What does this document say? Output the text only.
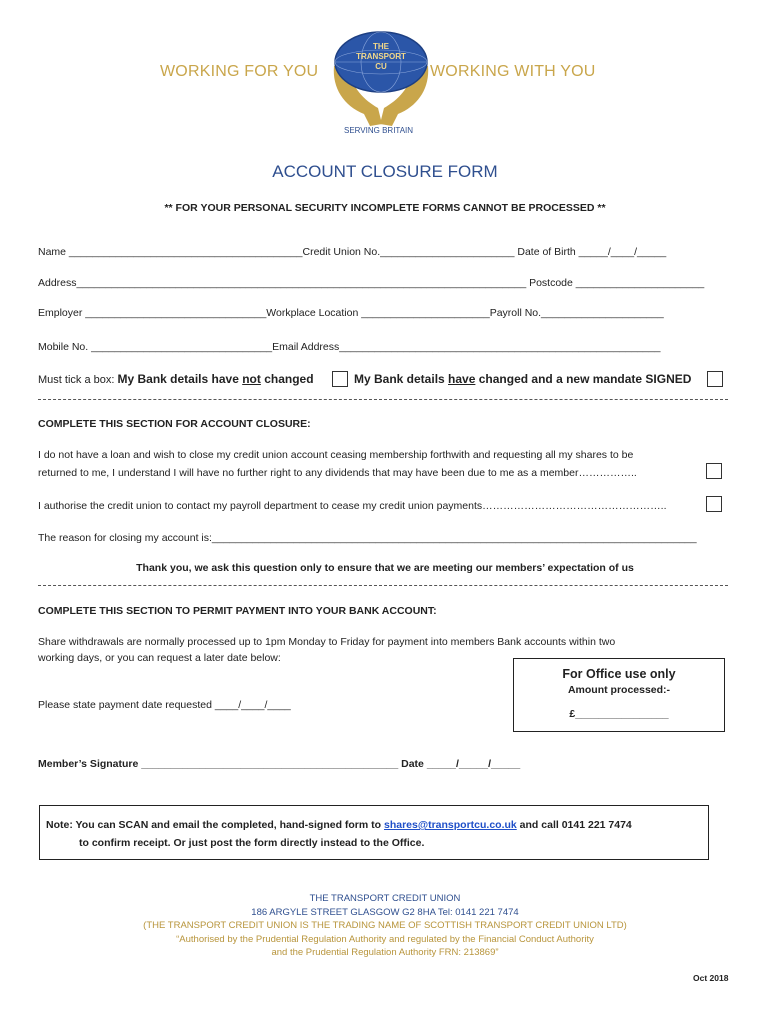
WORKING FOR YOU	WORKING WITH YOU
THE
TRANSPORT
CU
SERVING BRITAIN
ACCOUNT CLOSURE FORM
** FOR YOUR PERSONAL SECURITY INCOMPLETE FORMS CANNOT BE PROCESSED **
Name ________________________________________Credit Union No._______________________ Date of Birth _____/____/_____
Address_____________________________________________________________________________ Postcode ______________________
Employer _______________________________Workplace Location ______________________Payroll No._____________________
Mobile No. _______________________________Email Address_______________________________________________________
Must tick a box: My Bank details have not changed	My Bank details have changed and a new mandate SIGNED
COMPLETE THIS SECTION FOR ACCOUNT CLOSURE:
I do not have a loan and wish to close my credit union account ceasing membership forthwith and requesting all my shares to be
returned to me, I understand I will have no further right to any dividends that may have been due to me as a member……………..
I authorise the credit union to contact my payroll department to cease my credit union payments……………………………………………..
The reason for closing my account is:___________________________________________________________________________________
Thank you, we ask this question only to ensure that we are meeting our members’ expectation of us
COMPLETE THIS SECTION TO PERMIT PAYMENT INTO YOUR BANK ACCOUNT:
Share withdrawals are normally processed up to 1pm Monday to Friday for payment into members Bank accounts within two
working days, or you can request a later date below:
Please state payment date requested ____/____/____
For Office use only
Amount processed:-
£________________
Member’s Signature ____________________________________________ Date _____/_____/_____
Note: You can SCAN and email the completed, hand-signed form to shares@transportcu.co.uk and call 0141 221 7474
to confirm receipt. Or just post the form directly instead to the Office.
THE TRANSPORT CREDIT UNION
186 ARGYLE STREET GLASGOW G2 8HA Tel: 0141 221 7474
(THE TRANSPORT CREDIT UNION IS THE TRADING NAME OF SCOTTISH TRANSPORT CREDIT UNION LTD)
“Authorised by the Prudential Regulation Authority and regulated by the Financial Conduct Authority
and the Prudential Regulation Authority FRN: 213869”
Oct 2018
